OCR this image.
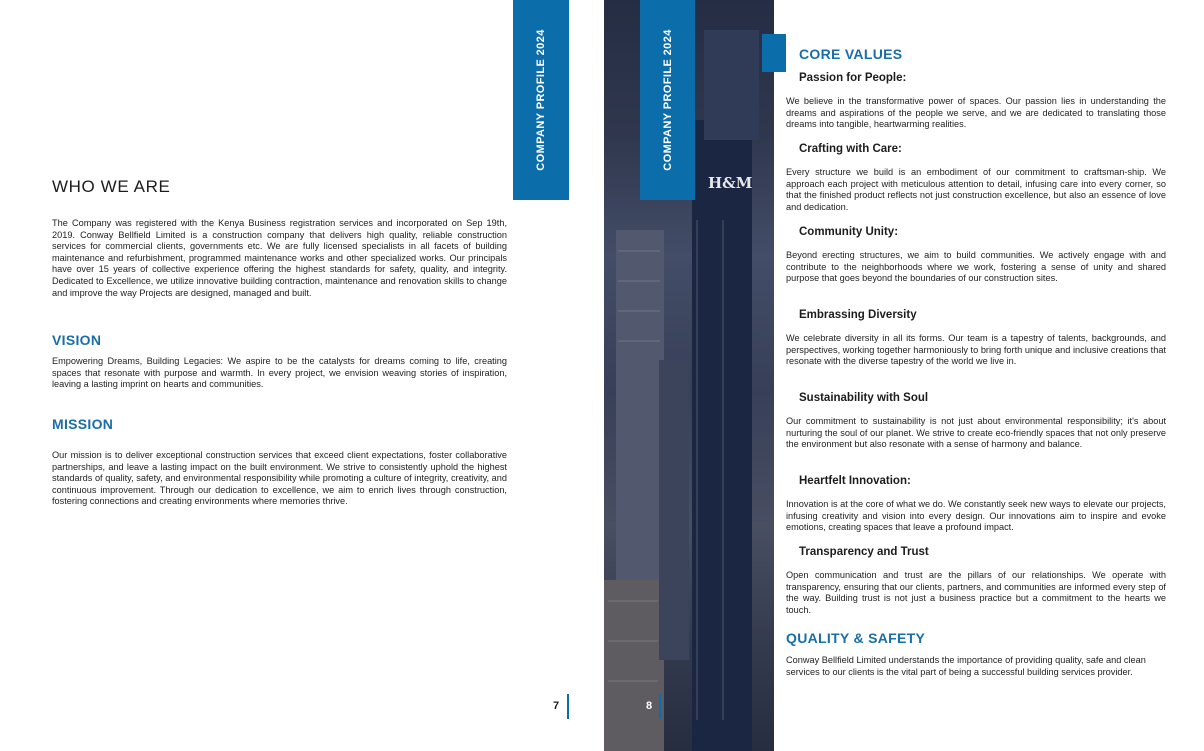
COMPANY PROFILE 2024
WHO WE ARE

The Company was registered with the Kenya Business registration services and incorporated on Sep 19th, 2019. Conway Bellfield Limited is a construction company that delivers high quality, reliable construction services for commercial clients, governments etc. We are fully licensed specialists in all facets of building maintenance and refurbishment, programmed maintenance works and other specialized works. Our principals have over 15 years of collective experience offering the highest standards for safety, quality, and integrity. Dedicated to Excellence, we utilize innovative building contraction, maintenance and renovation skills to change and improve the way Projects are designed, managed and built.

VISION

Empowering Dreams, Building Legacies: We aspire to be the catalysts for dreams coming to life, creating spaces that resonate with purpose and warmth. In every project, we envision weaving stories of inspiration, leaving a lasting imprint on hearts and communities.

MISSION

Our mission is to deliver exceptional construction services that exceed client expectations, foster collaborative partnerships, and leave a lasting impact on the built environment. We strive to consistently uphold the highest standards of quality, safety, and environmental responsibility while promoting a culture of integrity, creativity, and continuous improvement. Through our dedication to excellence, we aim to enrich lives through construction, fostering connections and creating environments where memories thrive.

7
H&M
COMPANY PROFILE 2024
8
CORE VALUES
Passion for People:

We believe in the transformative power of spaces. Our passion lies in understanding the dreams and aspirations of the people we serve, and we are dedicated to translating those dreams into tangible, heartwarming realities.

Crafting with Care:

Every structure we build is an embodiment of our commitment to craftsman-ship. We approach each project with meticulous attention to detail, infusing care into every corner, so that the finished product reflects not just construction excellence, but also an essence of love and dedication.

Community Unity:

Beyond erecting structures, we aim to build communities. We actively engage with and contribute to the neighborhoods where we work, fostering a sense of unity and shared purpose that goes beyond the boundaries of our construction sites.

Embrassing Diversity

We celebrate diversity in all its forms. Our team is a tapestry of talents, backgrounds, and perspectives, working together harmoniously to bring forth unique and inclusive creations that resonate with the diverse tapestry of the world we live in.

Sustainability with Soul

Our commitment to sustainability is not just about environmental responsibility; it's about nurturing the soul of our planet. We strive to create eco-friendly spaces that not only preserve the environment but also resonate with a sense of harmony and balance.

Heartfelt Innovation:

Innovation is at the core of what we do. We constantly seek new ways to elevate our projects, infusing creativity and vision into every design. Our innovations aim to inspire and evoke emotions, creating spaces that leave a profound impact.

Transparency and Trust

Open communication and trust are the pillars of our relationships. We operate with transparency, ensuring that our clients, partners, and communities are informed every step of the way. Building trust is not just a business practice but a commitment to the hearts we touch.

QUALITY & SAFETY

Conway Bellfield Limited understands the importance of providing quality, safe and clean services to our clients is the vital part of being a successful building services provider.
